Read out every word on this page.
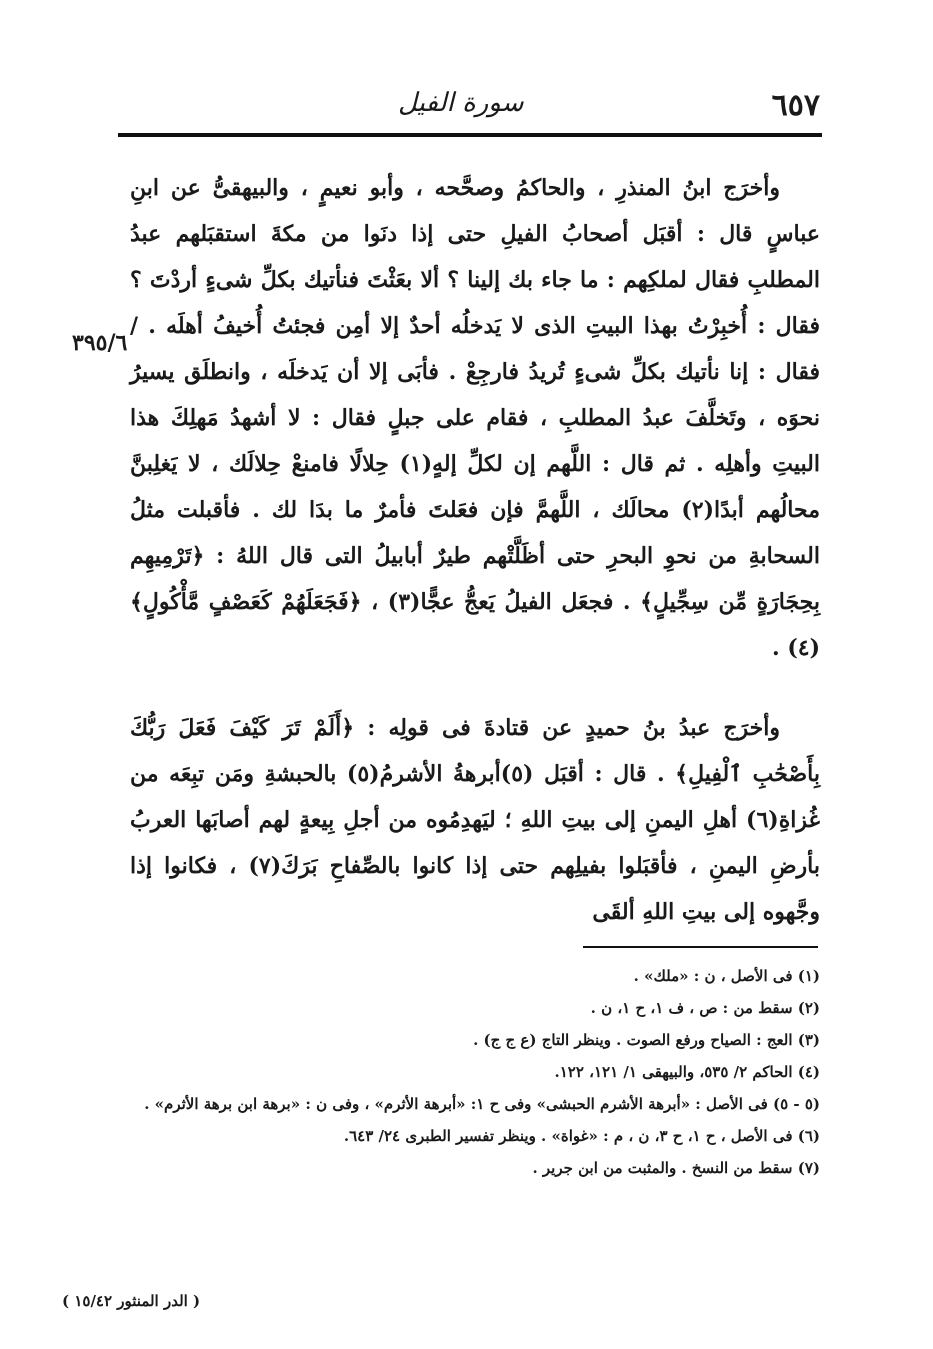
٦٥٧
سورة الفيل
٣٩٥/٦

وأخرَج ابنُ المنذرِ ، والحاكمُ وصحَّحه ، وأبو نعيمٍ ، والبيهقىُّ عن ابنِ عباسٍ قال : أقبَل أصحابُ الفيلِ حتى إذا دنَوا من مكةَ استقبَلهم عبدُ المطلبِ فقال لملكِهم : ما جاء بك إلينا ؟ ألا بعَثْتَ فنأتيك بكلِّ شىءٍ أردْتَ ؟ فقال : أُخبِرْتُ بهذا البيتِ الذى لا يَدخلُه أحدٌ إلا أمِن فجئتُ أُخيفُ أهلَه . / فقال : إنا نأتيك بكلِّ شىءٍ تُريدُ فارجِعْ . فأبَى إلا أن يَدخلَه ، وانطلَق يسيرُ نحوَه ، وتَخلَّفَ عبدُ المطلبِ ، فقام على جبلٍ فقال : لا أشهدُ مَهلِكَ هذا البيتِ وأهلِه . ثم قال : اللَّهم إن لكلِّ إلهٍ(١) حِلالًا فامنعْ حِلالَك ، لا يَغلِبنَّ محالُهم أبدًا(٢) محالَك ، اللَّهمَّ فإن فعَلتَ فأمرٌ ما بدَا لك . فأقبلت مثلُ السحابةِ من نحوِ البحرِ حتى أظَلَّتْهم طيرٌ أبابيلُ التى قال اللهُ : ﴿تَرْمِيهِم بِحِجَارَةٍ مِّن سِجِّيلٍ﴾ . فجعَل الفيلُ يَعجُّ عجًّا(٣) ، ﴿فَجَعَلَهُمْ كَعَصْفٍ مَّأْكُولٍ﴾(٤) .

وأخرَج عبدُ بنُ حميدٍ عن قتادةَ فى قولِه : ﴿أَلَمْ تَرَ كَيْفَ فَعَلَ رَبُّكَ بِأَصْحَٰبِ ٱلْفِيلِ﴾ . قال : أقبَل (٥)أبرهةُ الأشرمُ(٥) بالحبشةِ ومَن تبِعَه من غُزاةِ(٦) أهلِ اليمنِ إلى بيتِ اللهِ ؛ ليَهدِمُوه من أجلِ بِيعةٍ لهم أصابَها العربُ بأرضِ اليمنِ ، فأقبَلوا بفيلِهم حتى إذا كانوا بالصِّفاحِ بَرَكَ(٧) ، فكانوا إذا وجَّهوه إلى بيتِ اللهِ ألقَى

(١) فى الأصل ، ن : «ملك» .
(٢) سقط من : ص ، ف ١، ح ١، ن .
(٣) العج : الصياح ورفع الصوت . وينظر التاج (ع ج ج) .
(٤) الحاكم ٢/ ٥٣٥، والبيهقى ١/ ١٢١، ١٢٢.
(٥ - ٥) فى الأصل : «أبرهة الأشرم الحبشى» وفى ح ١: «أبرهة الأثرم» ، وفى ن : «برهة ابن برهة الأثرم» .
(٦) فى الأصل ، ح ١، ح ٣، ن ، م : «غواة» . وينظر تفسير الطبرى ٢٤/ ٦٤٣.
(٧) سقط من النسخ . والمثبت من ابن جرير .
( الدر المنثور ١٥/٤٢ )
